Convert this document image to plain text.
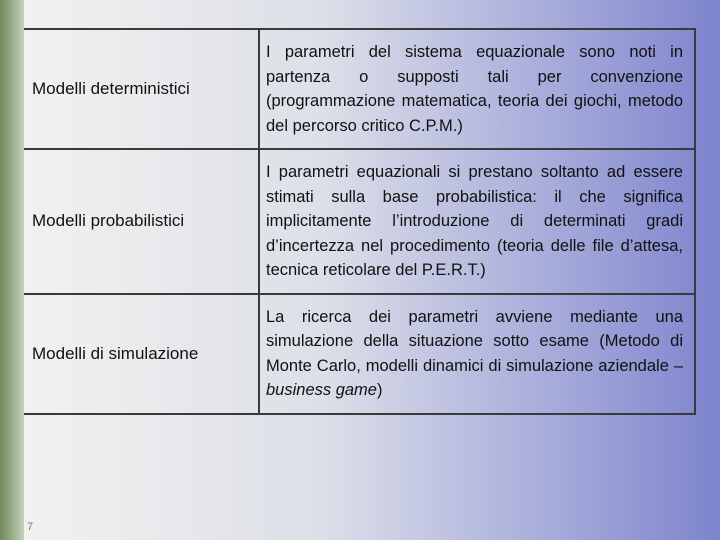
Modelli deterministici	I parametri del sistema equazionale sono noti in partenza o supposti tali per convenzione (programmazione matematica, teoria dei giochi, metodo del percorso critico C.P.M.)
Modelli probabilistici	I parametri equazionali si prestano soltanto ad essere stimati sulla base probabilistica: il che significa implicitamente l’introduzione di determinati gradi d’incertezza nel procedimento (teoria delle file d’attesa, tecnica reticolare del P.E.R.T.)
Modelli di simulazione	La ricerca dei parametri avviene mediante una simulazione della situazione sotto esame (Metodo di Monte Carlo, modelli dinamici di simulazione aziendale – business game)
7
